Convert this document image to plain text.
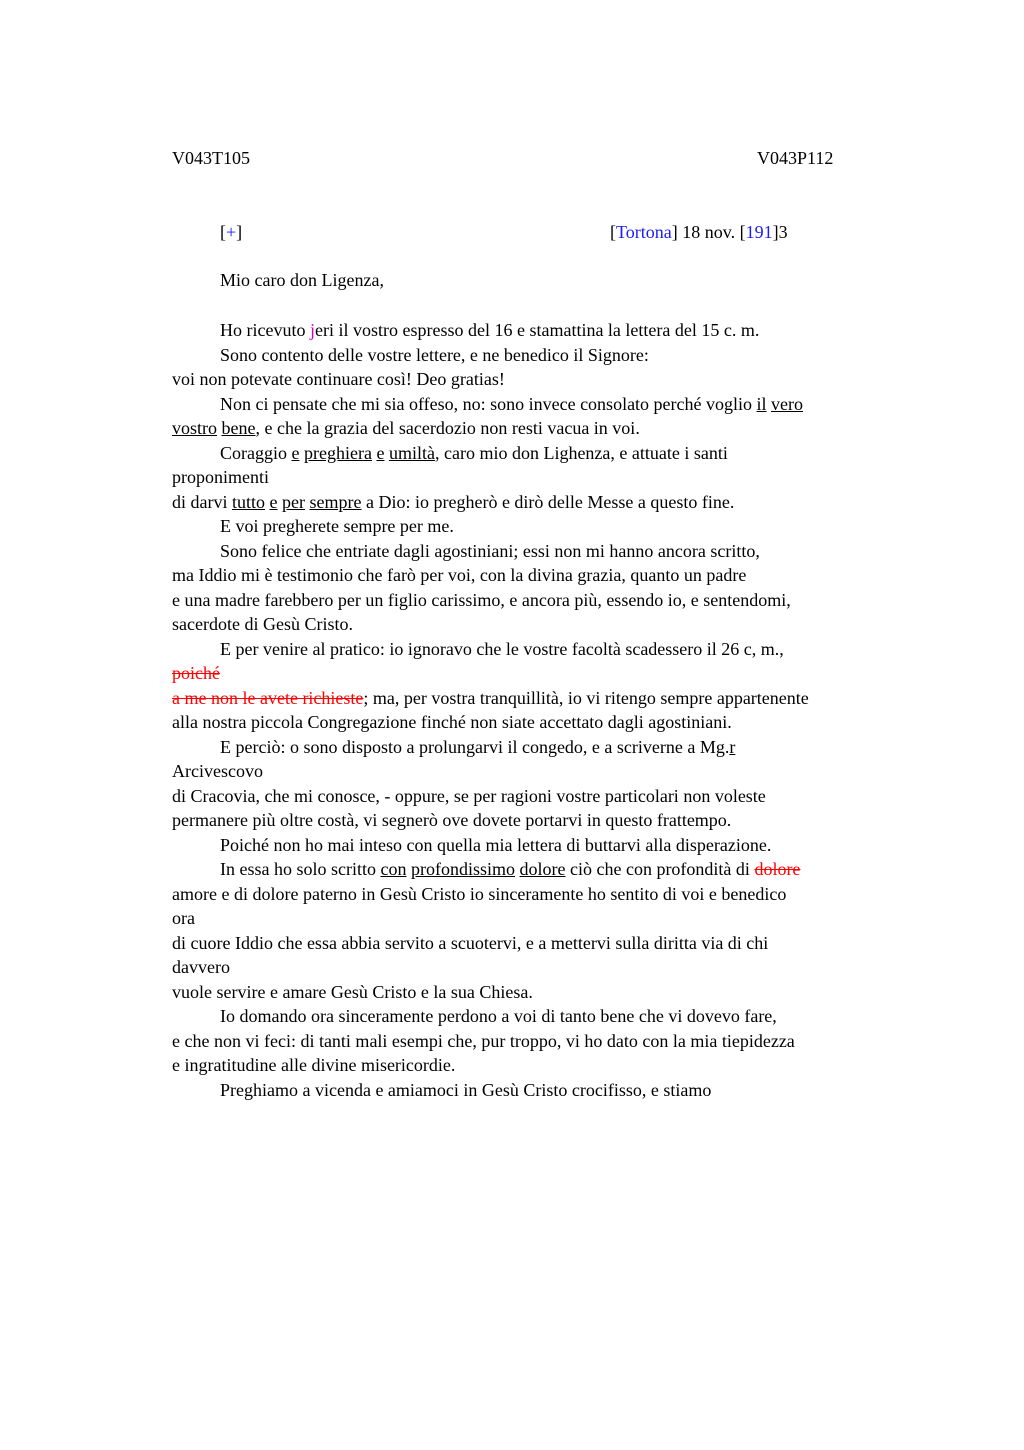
V043T105	V043P112
[+]	[Tortona] 18 nov. [191]3
Mio caro don Ligenza,
Ho ricevuto jeri il vostro espresso del 16 e stamattina la lettera del 15 c. m.
Sono contento delle vostre lettere, e ne benedico il Signore:
voi non potevate continuare così! Deo gratias!
Non ci pensate che mi sia offeso, no: sono invece consolato perché voglio il vero
vostro bene, e che la grazia del sacerdozio non resti vacua in voi.
Coraggio e preghiera e umiltà, caro mio don Lighenza, e attuate i santi
proponimenti
di darvi tutto e per sempre a Dio: io pregherò e dirò delle Messe a questo fine.
E voi pregherete sempre per me.
Sono felice che entriate dagli agostiniani; essi non mi hanno ancora scritto,
ma Iddio mi è testimonio che farò per voi, con la divina grazia, quanto un padre
e una madre farebbero per un figlio carissimo, e ancora più, essendo io, e sentendomi,
sacerdote di Gesù Cristo.
E per venire al pratico: io ignoravo che le vostre facoltà scadessero il 26 c, m.,
poiché
a me non le avete richieste; ma, per vostra tranquillità, io vi ritengo sempre appartenente
alla nostra piccola Congregazione finché non siate accettato dagli agostiniani.
E perciò: o sono disposto a prolungarvi il congedo, e a scriverne a Mg.r
Arcivescovo
di Cracovia, che mi conosce, - oppure, se per ragioni vostre particolari non voleste
permanere più oltre costà, vi segnerò ove dovete portarvi in questo frattempo.
Poiché non ho mai inteso con quella mia lettera di buttarvi alla disperazione.
In essa ho solo scritto con profondissimo dolore ciò che con profondità di dolore
amore e di dolore paterno in Gesù Cristo io sinceramente ho sentito di voi e benedico
ora
di cuore Iddio che essa abbia servito a scuotervi, e a mettervi sulla diritta via di chi
davvero
vuole servire e amare Gesù Cristo e la sua Chiesa.
Io domando ora sinceramente perdono a voi di tanto bene che vi dovevo fare,
e che non vi feci: di tanti mali esempi che, pur troppo, vi ho dato con la mia tiepidezza
e ingratitudine alle divine misericordie.
Preghiamo a vicenda e amiamoci in Gesù Cristo crocifisso, e stiamo
